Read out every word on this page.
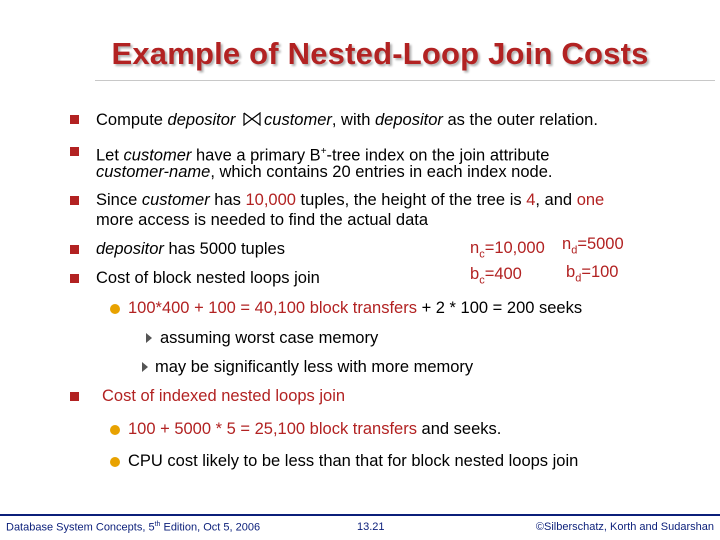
Example of Nested-Loop Join Costs
Compute depositor customer, with depositor as the outer relation.
Let customer have a primary B+-tree index on the join attribute
customer-name, which contains 20 entries in each index node.
Since customer has 10,000 tuples, the height of the tree is 4, and one
more access is needed to find the actual data
depositor has 5000 tuples	$n_c=10,000$ $n_d=5000$
$b_c=400$	$b_d=100$
Cost of block nested loops join
100*400 + 100 = 40,100 block transfers + 2 * 100 = 200 seeks
assuming worst case memory
may be significantly less with more memory
Cost of indexed nested loops join
100 + 5000 * 5 = 25,100 block transfers and seeks.
CPU cost likely to be less than that for block nested loops join
Database System Concepts, 5th Edition, Oct 5, 2006	13.21	©Silberschatz, Korth and Sudarshan
